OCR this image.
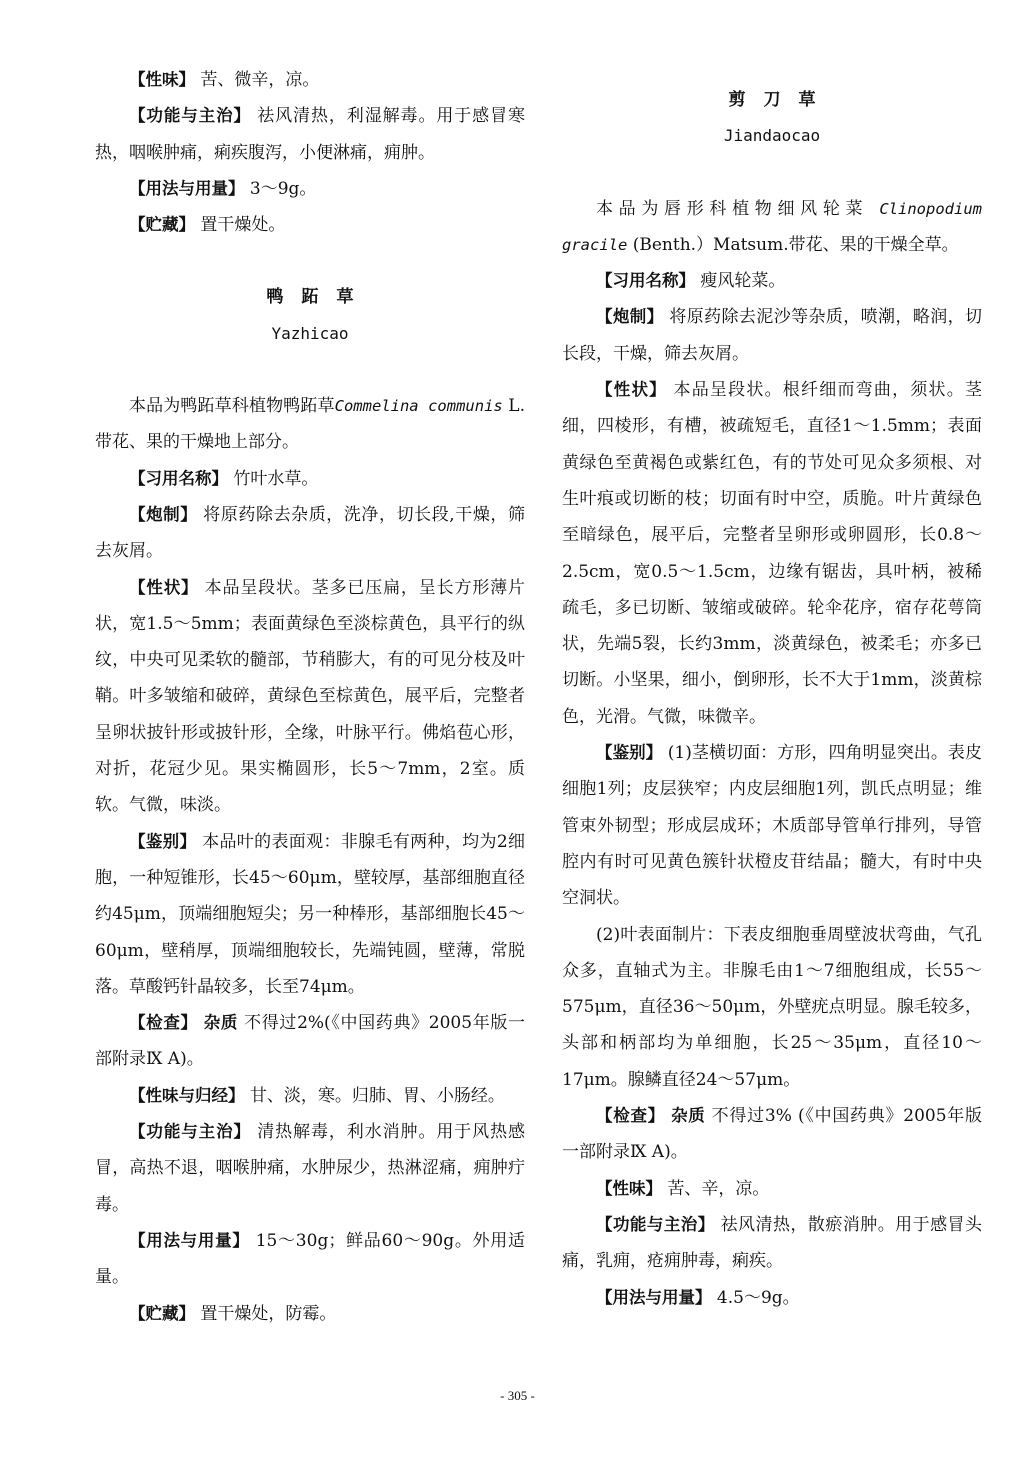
【性味】 苦、微辛，凉。

【功能与主治】 祛风清热，利湿解毒。用于感冒寒热，咽喉肿痛，痢疾腹泻，小便淋痛，痈肿。

【用法与用量】 3～9g。

【贮藏】 置干燥处。

鸭跖草

Yazhicao

本品为鸭跖草科植物鸭跖草Commelina communis L.带花、果的干燥地上部分。

【习用名称】 竹叶水草。

【炮制】 将原药除去杂质，洗净，切长段,干燥，筛去灰屑。

【性状】 本品呈段状。茎多已压扁，呈长方形薄片状，宽1.5～5mm；表面黄绿色至淡棕黄色，具平行的纵纹，中央可见柔软的髓部，节稍膨大，有的可见分枝及叶鞘。叶多皱缩和破碎，黄绿色至棕黄色，展平后，完整者呈卵状披针形或披针形，全缘，叶脉平行。佛焰苞心形，对折，花冠少见。果实椭圆形，长5～7mm，2室。质软。气微，味淡。

【鉴别】 本品叶的表面观：非腺毛有两种，均为2细胞，一种短锥形，长45～60μm，壁较厚，基部细胞直径约45μm，顶端细胞短尖；另一种棒形，基部细胞长45～60μm，壁稍厚，顶端细胞较长，先端钝圆，壁薄，常脱落。草酸钙针晶较多，长至74μm。

【检查】 杂质 不得过2%(《中国药典》2005年版一部附录Ⅸ A)。

【性味与归经】 甘、淡，寒。归肺、胃、小肠经。

【功能与主治】 清热解毒，利水消肿。用于风热感冒，高热不退，咽喉肿痛，水肿尿少，热淋涩痛，痈肿疔毒。

【用法与用量】 15～30g；鲜品60～90g。外用适量。

【贮藏】 置干燥处，防霉。

剪刀草

Jiandaocao

本品为唇形科植物细风轮菜 Clinopodium gracile (Benth.）Matsum.带花、果的干燥全草。

【习用名称】 瘦风轮菜。

【炮制】 将原药除去泥沙等杂质，喷潮，略润，切长段，干燥，筛去灰屑。

【性状】 本品呈段状。根纤细而弯曲，须状。茎细，四棱形，有槽，被疏短毛，直径1～1.5mm；表面黄绿色至黄褐色或紫红色，有的节处可见众多须根、对生叶痕或切断的枝；切面有时中空，质脆。叶片黄绿色至暗绿色，展平后，完整者呈卵形或卵圆形，长0.8～2.5cm，宽0.5～1.5cm，边缘有锯齿，具叶柄，被稀疏毛，多已切断、皱缩或破碎。轮伞花序，宿存花萼筒状，先端5裂，长约3mm，淡黄绿色，被柔毛；亦多已切断。小坚果，细小，倒卵形，长不大于1mm，淡黄棕色，光滑。气微，味微辛。

【鉴别】 (1)茎横切面：方形，四角明显突出。表皮细胞1列；皮层狭窄；内皮层细胞1列，凯氏点明显；维管束外韧型；形成层成环；木质部导管单行排列，导管腔内有时可见黄色簇针状橙皮苷结晶；髓大，有时中央空洞状。

(2)叶表面制片：下表皮细胞垂周壁波状弯曲，气孔众多，直轴式为主。非腺毛由1～7细胞组成，长55～575μm，直径36～50μm，外壁疣点明显。腺毛较多，头部和柄部均为单细胞，长25～35μm，直径10～17μm。腺鳞直径24～57μm。

【检查】 杂质 不得过3% (《中国药典》2005年版一部附录Ⅸ A)。

【性味】 苦、辛，凉。

【功能与主治】 祛风清热，散瘀消肿。用于感冒头痛，乳痈，疮痈肿毒，痢疾。

【用法与用量】 4.5～9g。

- 305 -
